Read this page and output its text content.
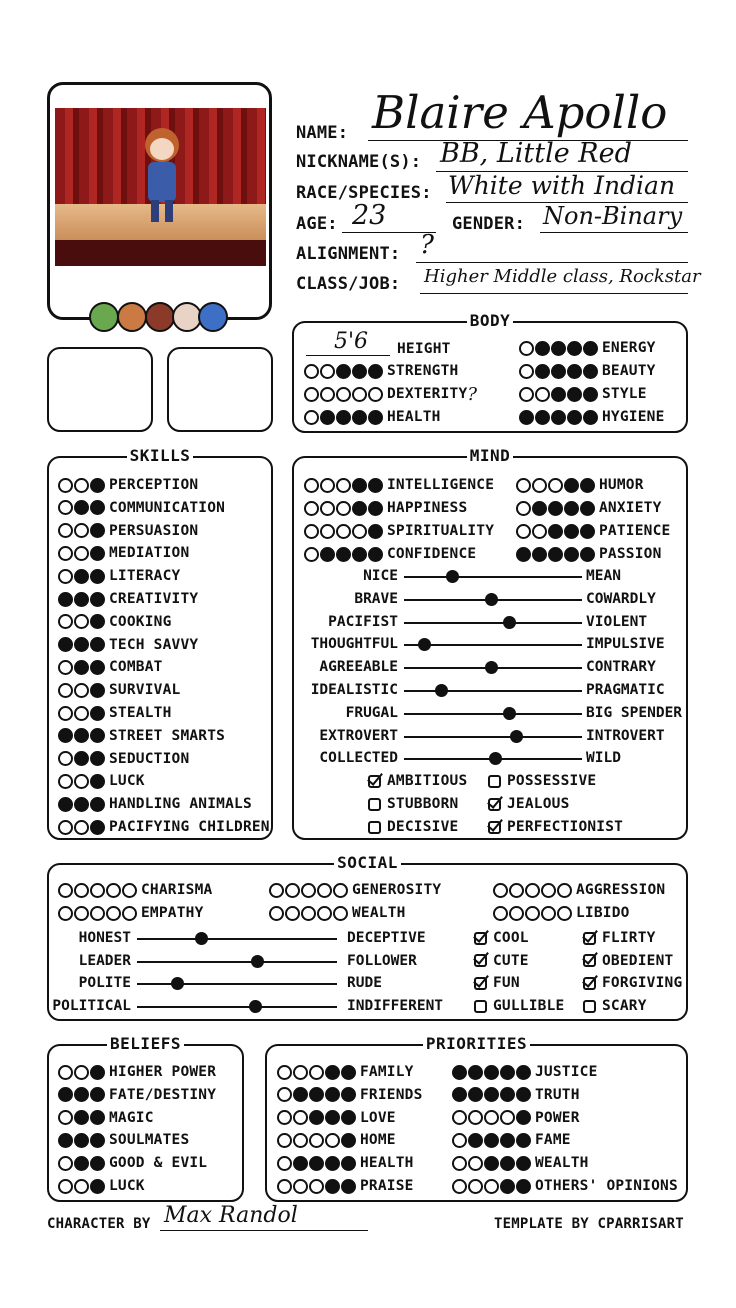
NAME: Blaire Apollo
NICKNAME(S): BB, Little Red
RACE/SPECIES: White with Indian
AGE: 23	GENDER: Non-Binary
ALIGNMENT: ?
CLASS/JOB: Higher Middle class, Rockstar
BODY
5'6 HEIGHT
STRENGTH
DEXTERITY ?
HEALTH
ENERGY
BEAUTY
STYLE
HYGIENE
SKILLS
PERCEPTION
COMMUNICATION
PERSUASION
MEDIATION
LITERACY
CREATIVITY
COOKING
TECH SAVVY
COMBAT
SURVIVAL
STEALTH
STREET SMARTS
SEDUCTION
LUCK
HANDLING ANIMALS
PACIFYING CHILDREN
MIND
INTELLIGENCE
HAPPINESS
SPIRITUALITY
CONFIDENCE
HUMOR
ANXIETY
PATIENCE
PASSION
NICE	MEAN
BRAVE	COWARDLY
PACIFIST	VIOLENT
THOUGHTFUL	IMPULSIVE
AGREEABLE	CONTRARY
IDEALISTIC	PRAGMATIC
FRUGAL	BIG SPENDER
EXTROVERT	INTROVERT
COLLECTED	WILD
AMBITIOUS
STUBBORN
DECISIVE
POSSESSIVE
JEALOUS
PERFECTIONIST
SOCIAL
CHARISMA	GENEROSITY	AGGRESSION
EMPATHY	WEALTH	LIBIDO
HONEST	DECEPTIVE
LEADER	FOLLOWER
POLITE	RUDE
POLITICAL	INDIFFERENT
COOL
CUTE
FUN
GULLIBLE
FLIRTY
OBEDIENT
FORGIVING
SCARY
BELIEFS
HIGHER POWER
FATE/DESTINY
MAGIC
SOULMATES
GOOD & EVIL
LUCK
PRIORITIES
FAMILY
FRIENDS
LOVE
HOME
HEALTH
PRAISE
JUSTICE
TRUTH
POWER
FAME
WEALTH
OTHERS' OPINIONS
CHARACTER BY Max Randol	TEMPLATE BY CPARRISART
